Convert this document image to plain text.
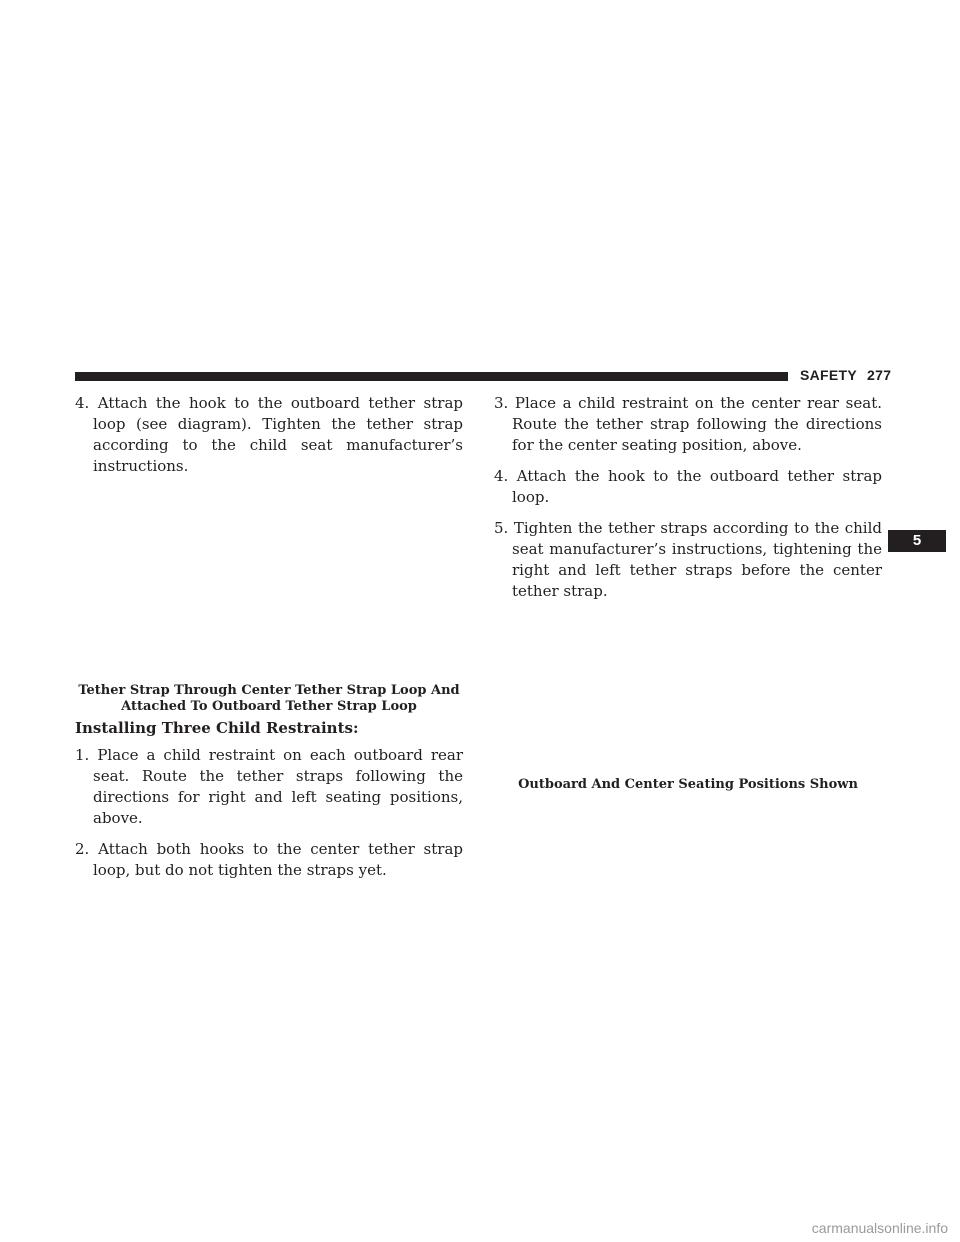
SAFETY 277

4. Attach the hook to the outboard tether strap loop (see diagram). Tighten the tether strap according to the child seat manufacturer’s instructions.

Tether Strap Through Center Tether Strap Loop And
Attached To Outboard Tether Strap Loop
Installing Three Child Restraints:

1. Place a child restraint on each outboard rear seat. Route the tether straps following the directions for right and left seating positions, above.

2. Attach both hooks to the center tether strap loop, but do not tighten the straps yet.

3. Place a child restraint on the center rear seat. Route the tether strap following the directions for the center seating position, above.

4. Attach the hook to the outboard tether strap loop.

5. Tighten the tether straps according to the child seat manufacturer’s instructions, tightening the right and left tether straps before the center tether strap.

Outboard And Center Seating Positions Shown
5
carmanualsonline.info
